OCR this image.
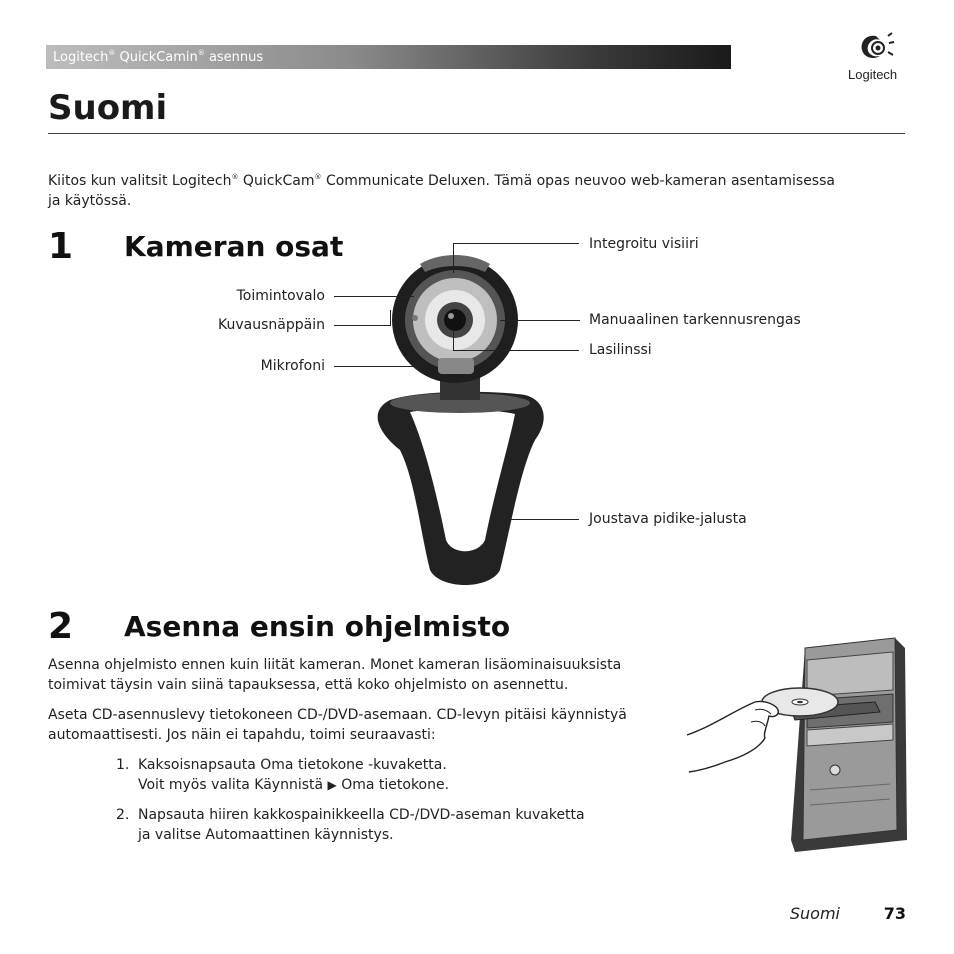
Logitech® QuickCamin® asennus
Logitech
Suomi
Kiitos kun valitsit Logitech® QuickCam® Communicate Deluxen. Tämä opas neuvoo web-kameran asentamisessa
ja käytössä.
1 Kameran osat	Integroitu visiiri
Toimintovalo
Kuvausnäppäin	Manuaalinen tarkennusrengas
Lasilinssi
Mikrofoni
Joustava pidike-jalusta
2 Asenna ensin ohjelmisto
Asenna ohjelmisto ennen kuin liität kameran. Monet kameran lisäominaisuuksista
toimivat täysin vain siinä tapauksessa, että koko ohjelmisto on asennettu.
Aseta CD-asennuslevy tietokoneen CD-/DVD-asemaan. CD-levyn pitäisi käynnistyä
automaattisesti. Jos näin ei tapahdu, toimi seuraavasti:
1. Kaksoisnapsauta Oma tietokone -kuvaketta.
Voit myös valita Käynnistä ▶ Oma tietokone.
2. Napsauta hiiren kakkospainikkeella CD-/DVD-aseman kuvaketta
ja valitse Automaattinen käynnistys.
Suomi	73
